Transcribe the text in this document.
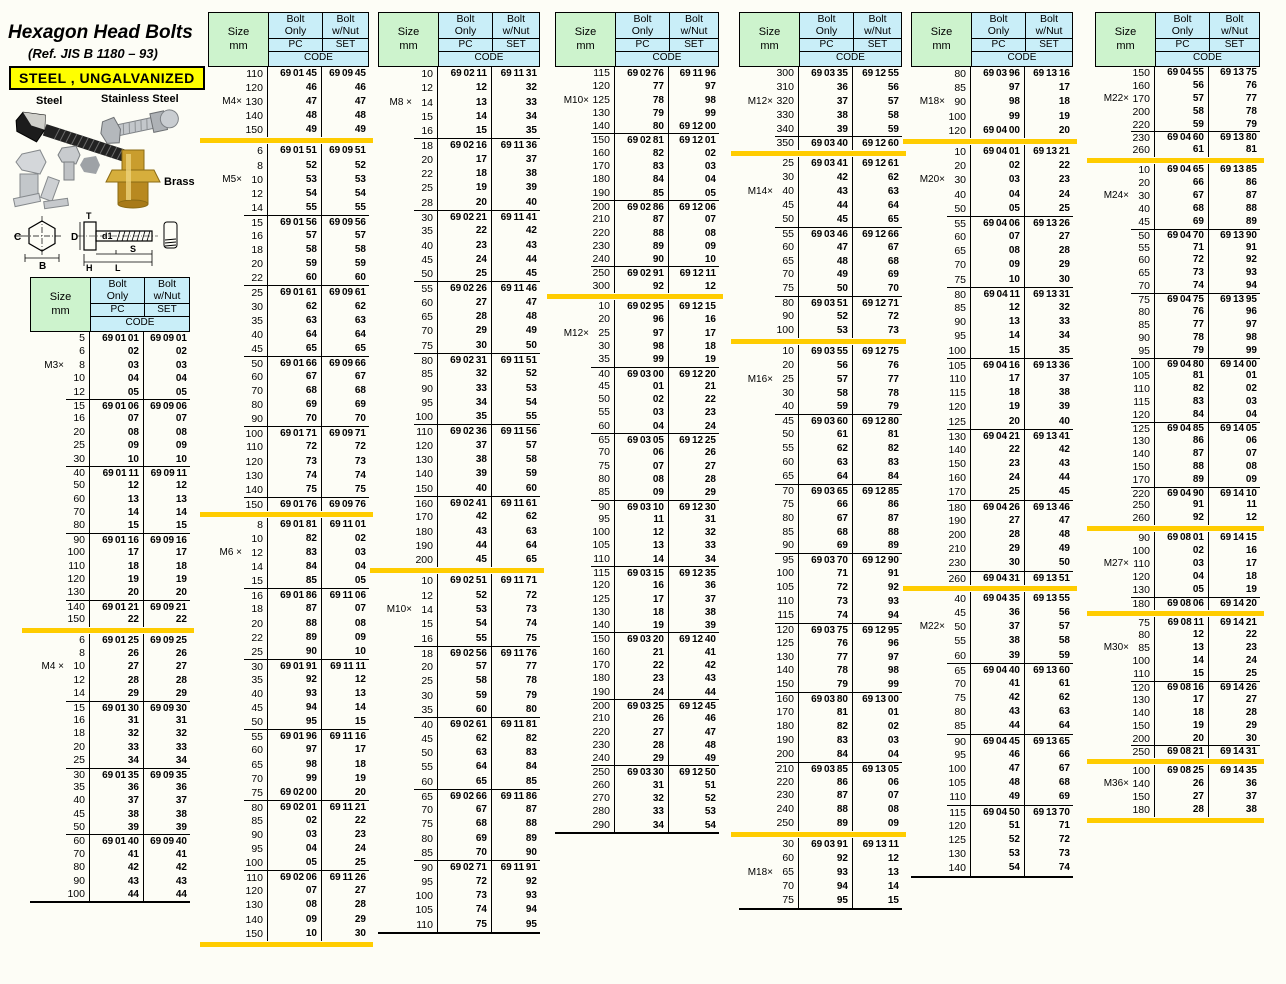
Hexagon Head Bolts
(Ref. JIS B 1180 – 93)
STEEL , UNGALVANIZED
Steel	Stainless Steel
Brass
C
B
T
D	d1
H
S
L
Size
mm
Bolt
Only
Bolt
w/Nut
PC	SET
CODE
5	69 01 01	69 09 01
6	02	02
M3×	8	03	03
10	04	04
12	05	05
15	69 01 06	69 09 06
16	07	07
20	08	08
25	09	09
30	10	10
40	69 01 11	69 09 11
50	12	12
60	13	13
70	14	14
80	15	15
90	69 01 16	69 09 16
100	17	17
110	18	18
120	19	19
130	20	20
140	69 01 21	69 09 21
150	22	22
6	69 01 25	69 09 25
8	26	26
M4 × 10	27	27
12	28	28
14	29	29
15	69 01 30	69 09 30
16	31	31
18	32	32
20	33	33
25	34	34
30	69 01 35	69 09 35
35	36	36
40	37	37
45	38	38
50	39	39
60	69 01 40	69 09 40
70	41	41
80	42	42
90	43	43
100	44	44
Size
mm
Bolt
Only
Bolt
w/Nut
PC	SET
CODE
110	69 01 45	69 09 45
120	46	46
M4× 130	47	47
140	48	48
150	49	49
6	69 01 51	69 09 51
8	52	52
M5× 10	53	53
12	54	54
14	55	55
15	69 01 56	69 09 56
16	57	57
18	58	58
20	59	59
22	60	60
25	69 01 61	69 09 61
30	62	62
35	63	63
40	64	64
45	65	65
50	69 01 66	69 09 66
60	67	67
70	68	68
80	69	69
90	70	70
100	69 01 71	69 09 71
110	72	72
120	73	73
130	74	74
140	75	75
150	69 01 76	69 09 76
8	69 01 81	69 11 01
10	82	02
M6 × 12	83	03
14	84	04
15	85	05
16	69 01 86	69 11 06
18	87	07
20	88	08
22	89	09
25	90	10
30	69 01 91	69 11 11
35	92	12
40	93	13
45	94	14
50	95	15
55	69 01 96	69 11 16
60	97	17
65	98	18
70	99	19
75	69 02 00	20
80	69 02 01	69 11 21
85	02	22
90	03	23
95	04	24
100	05	25
110	69 02 06	69 11 26
120	07	27
130	08	28
140	09	29
150	10	30
Size
mm
Bolt
Only
Bolt
w/Nut
PC	SET
CODE
10	69 02 11	69 11 31
12	12	32
M8 × 14	13	33
15	14	34
16	15	35
18	69 02 16	69 11 36
20	17	37
22	18	38
25	19	39
28	20	40
30	69 02 21	69 11 41
35	22	42
40	23	43
45	24	44
50	25	45
55	69 02 26	69 11 46
60	27	47
65	28	48
70	29	49
75	30	50
80	69 02 31	69 11 51
85	32	52
90	33	53
95	34	54
100	35	55
110	69 02 36	69 11 56
120	37	57
130	38	58
140	39	59
150	40	60
160	69 02 41	69 11 61
170	42	62
180	43	63
190	44	64
200	45	65
10	69 02 51	69 11 71
12	52	72
M10× 14	53	73
15	54	74
16	55	75
18	69 02 56	69 11 76
20	57	77
25	58	78
30	59	79
35	60	80
40	69 02 61	69 11 81
45	62	82
50	63	83
55	64	84
60	65	85
65	69 02 66	69 11 86
70	67	87
75	68	88
80	69	89
85	70	90
90	69 02 71	69 11 91
95	72	92
100	73	93
105	74	94
110	75	95
Size
mm
Bolt
Only
Bolt
w/Nut
PC	SET
CODE
115	69 02 76	69 11 96
120	77	97
M10× 125	78	98
130	79	99
140	80	69 12 00
150	69 02 81	69 12 01
160	82	02
170	83	03
180	84	04
190	85	05
200	69 02 86	69 12 06
210	87	07
220	88	08
230	89	09
240	90	10
250	69 02 91	69 12 11
300	92	12
10	69 02 95	69 12 15
20	96	16
M12× 25	97	17
30	98	18
35	99	19
40	69 03 00	69 12 20
45	01	21
50	02	22
55	03	23
60	04	24
65	69 03 05	69 12 25
70	06	26
75	07	27
80	08	28
85	09	29
90	69 03 10	69 12 30
95	11	31
100	12	32
105	13	33
110	14	34
115	69 03 15	69 12 35
120	16	36
125	17	37
130	18	38
140	19	39
150	69 03 20	69 12 40
160	21	41
170	22	42
180	23	43
190	24	44
200	69 03 25	69 12 45
210	26	46
220	27	47
230	28	48
240	29	49
250	69 03 30	69 12 50
260	31	51
270	32	52
280	33	53
290	34	54
Size
mm
Bolt
Only
Bolt
w/Nut
PC	SET
CODE
300	69 03 35	69 12 55
310	36	56
M12× 320	37	57
330	38	58
340	39	59
350	69 03 40	69 12 60
25	69 03 41	69 12 61
30	42	62
M14× 40	43	63
45	44	64
50	45	65
55	69 03 46	69 12 66
60	47	67
65	48	68
70	49	69
75	50	70
80	69 03 51	69 12 71
90	52	72
100	53	73
10	69 03 55	69 12 75
20	56	76
M16× 25	57	77
30	58	78
40	59	79
45	69 03 60	69 12 80
50	61	81
55	62	82
60	63	83
65	64	84
70	69 03 65	69 12 85
75	66	86
80	67	87
85	68	88
90	69	89
95	69 03 70	69 12 90
100	71	91
105	72	92
110	73	93
115	74	94
120	69 03 75	69 12 95
125	76	96
130	77	97
140	78	98
150	79	99
160	69 03 80	69 13 00
170	81	01
180	82	02
190	83	03
200	84	04
210	69 03 85	69 13 05
220	86	06
230	87	07
240	88	08
250	89	09
30	69 03 91	69 13 11
60	92	12
M18× 65	93	13
70	94	14
75	95	15
Size
mm
Bolt
Only
Bolt
w/Nut
PC	SET
CODE
80	69 03 96	69 13 16
85	97	17
M18× 90	98	18
100	99	19
120	69 04 00	20
10	69 04 01	69 13 21
20	02	22
M20× 30	03	23
40	04	24
50	05	25
55	69 04 06	69 13 26
60	07	27
65	08	28
70	09	29
75	10	30
80	69 04 11	69 13 31
85	12	32
90	13	33
95	14	34
100	15	35
105	69 04 16	69 13 36
110	17	37
115	18	38
120	19	39
125	20	40
130	69 04 21	69 13 41
140	22	42
150	23	43
160	24	44
170	25	45
180	69 04 26	69 13 46
190	27	47
200	28	48
210	29	49
230	30	50
260	69 04 31	69 13 51
40	69 04 35	69 13 55
45	36	56
M22× 50	37	57
55	38	58
60	39	59
65	69 04 40	69 13 60
70	41	61
75	42	62
80	43	63
85	44	64
90	69 04 45	69 13 65
95	46	66
100	47	67
105	48	68
110	49	69
115	69 04 50	69 13 70
120	51	71
125	52	72
130	53	73
140	54	74
Size
mm
Bolt
Only
Bolt
w/Nut
PC	SET
CODE
150	69 04 55	69 13 75
160	56	76
M22× 170	57	77
200	58	78
220	59	79
230	69 04 60	69 13 80
260	61	81
10	69 04 65	69 13 85
20	66	86
M24× 30	67	87
40	68	88
45	69	89
50	69 04 70	69 13 90
55	71	91
60	72	92
65	73	93
70	74	94
75	69 04 75	69 13 95
80	76	96
85	77	97
90	78	98
95	79	99
100	69 04 80	69 14 00
105	81	01
110	82	02
115	83	03
120	84	04
125	69 04 85	69 14 05
130	86	06
140	87	07
150	88	08
170	89	09
220	69 04 90	69 14 10
250	91	11
260	92	12
90	69 08 01	69 14 15
100	02	16
M27× 110	03	17
120	04	18
130	05	19
180	69 08 06	69 14 20
75	69 08 11	69 14 21
80	12	22
M30× 85	13	23
100	14	24
110	15	25
120	69 08 16	69 14 26
130	17	27
140	18	28
150	19	29
200	20	30
250	69 08 21	69 14 31
100	69 08 25	69 14 35
M36× 140	26	36
150	27	37
180	28	38
